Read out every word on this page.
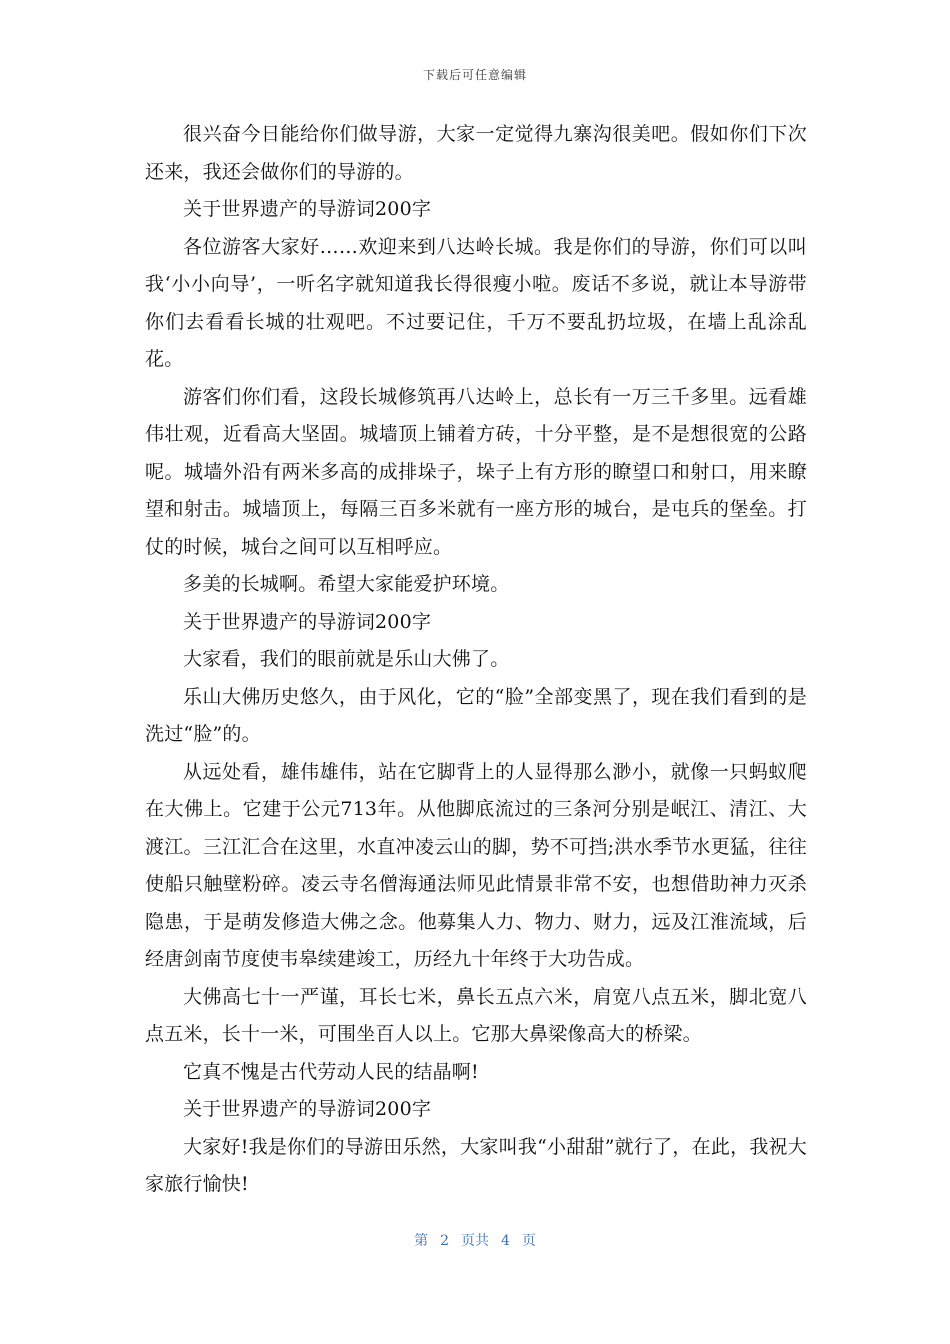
下载后可任意编辑

很兴奋今日能给你们做导游，大家一定觉得九寨沟很美吧。假如你们下次还来，我还会做你们的导游的。

关于世界遗产的导游词200字

各位游客大家好……欢迎来到八达岭长城。我是你们的导游，你们可以叫我‘小小向导’，一听名字就知道我长得很瘦小啦。废话不多说，就让本导游带你们去看看长城的壮观吧。不过要记住，千万不要乱扔垃圾，在墙上乱涂乱花。

游客们你们看，这段长城修筑再八达岭上，总长有一万三千多里。远看雄伟壮观，近看高大坚固。城墙顶上铺着方砖，十分平整，是不是想很宽的公路呢。城墙外沿有两米多高的成排垛子，垛子上有方形的瞭望口和射口，用来瞭望和射击。城墙顶上，每隔三百多米就有一座方形的城台，是屯兵的堡垒。打仗的时候，城台之间可以互相呼应。

多美的长城啊。希望大家能爱护环境。

关于世界遗产的导游词200字

大家看，我们的眼前就是乐山大佛了。

乐山大佛历史悠久，由于风化，它的“脸”全部变黑了，现在我们看到的是洗过“脸”的。

从远处看，雄伟雄伟，站在它脚背上的人显得那么渺小，就像一只蚂蚁爬在大佛上。它建于公元713年。从他脚底流过的三条河分别是岷江、清江、大渡江。三江汇合在这里，水直冲凌云山的脚，势不可挡;洪水季节水更猛，往往使船只触壁粉碎。凌云寺名僧海通法师见此情景非常不安，也想借助神力灭杀隐患，于是萌发修造大佛之念。他募集人力、物力、财力，远及江淮流域，后经唐剑南节度使韦皋续建竣工，历经九十年终于大功告成。

大佛高七十一严谨，耳长七米，鼻长五点六米，肩宽八点五米，脚北宽八点五米，长十一米，可围坐百人以上。它那大鼻梁像高大的桥梁。

它真不愧是古代劳动人民的结晶啊!

关于世界遗产的导游词200字

大家好!我是你们的导游田乐然，大家叫我“小甜甜”就行了，在此，我祝大家旅行愉快!

第 2 页共 4 页
